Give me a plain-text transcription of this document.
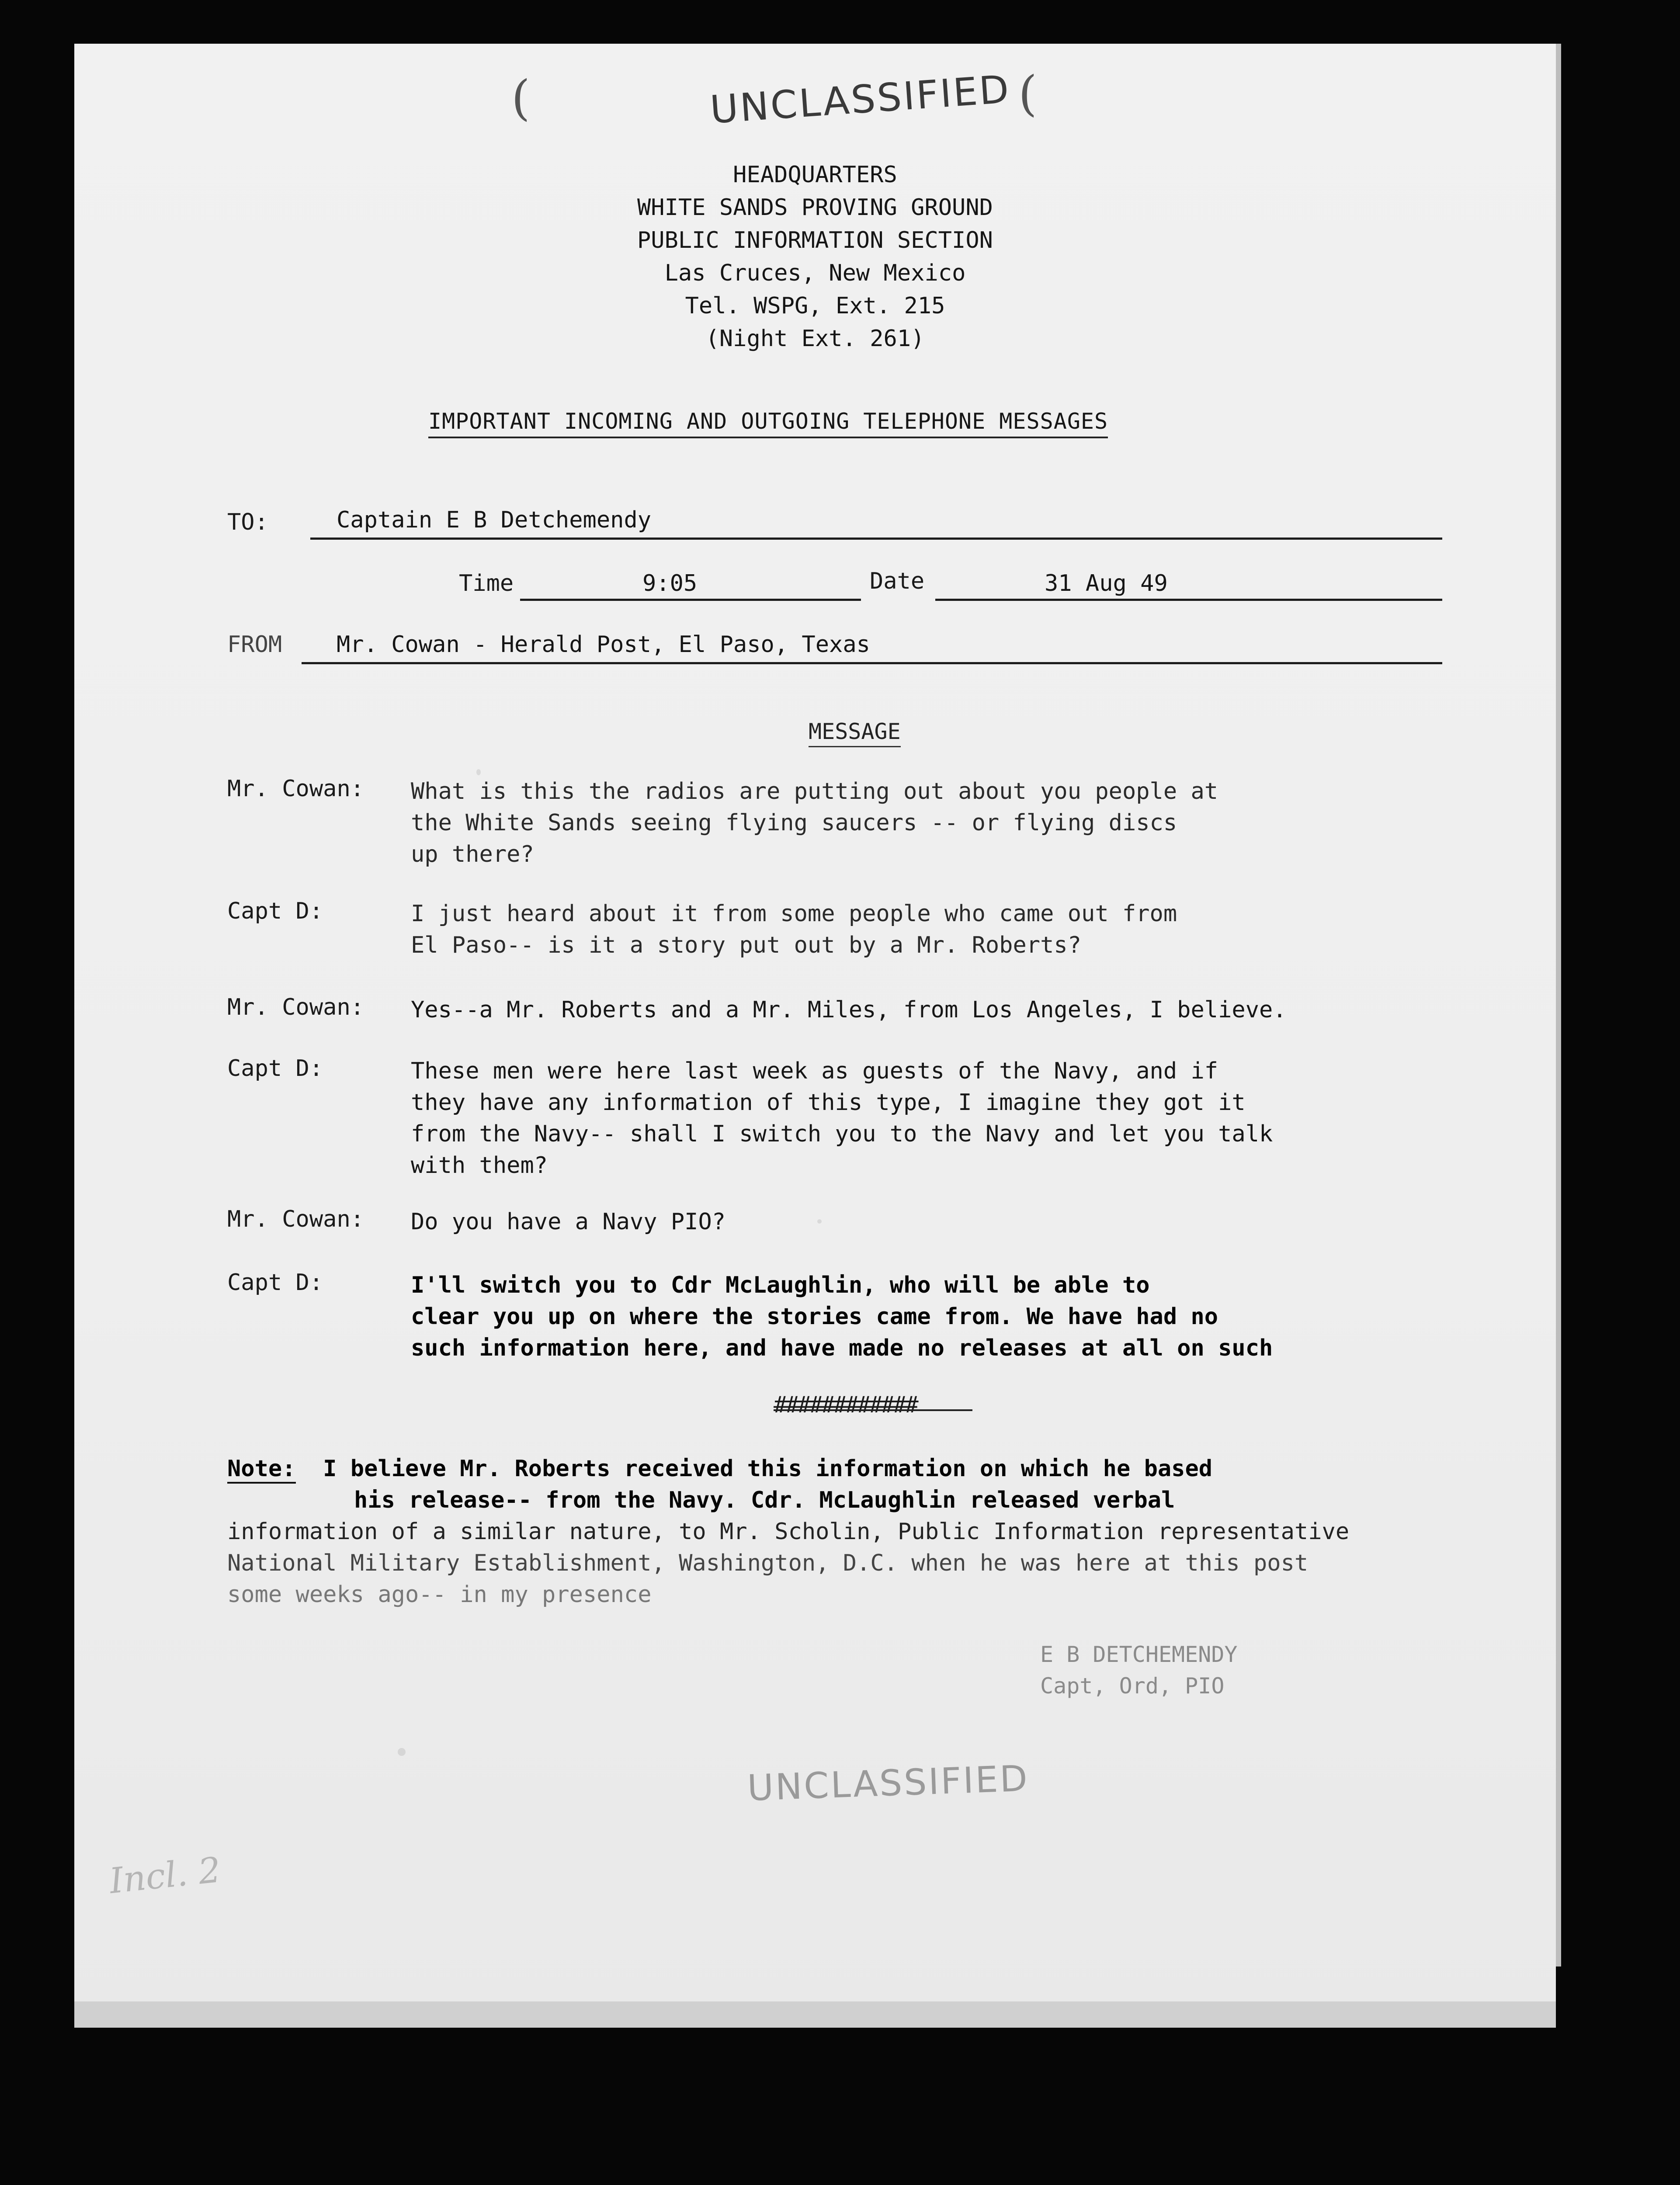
(	(
UNCLASSIFIED
HEADQUARTERS
WHITE SANDS PROVING GROUND
PUBLIC INFORMATION SECTION
Las Cruces, New Mexico
Tel. WSPG, Ext. 215
(Night Ext. 261)
IMPORTANT INCOMING AND OUTGOING TELEPHONE MESSAGES
TO:	Captain E B Detchemendy
Time	9:05	Date	31 Aug 49
FROM Mr. Cowan - Herald Post, El Paso, Texas
MESSAGE
Mr. Cowan: What is this the radios are putting out about you people at
the White Sands seeing flying saucers -- or flying discs
up there?
Capt D:	I just heard about it from some people who came out from
El Paso-- is it a story put out by a Mr. Roberts?
Mr. Cowan: Yes--a Mr. Roberts and a Mr. Miles, from Los Angeles, I believe.
Capt D:	These men were here last week as guests of the Navy, and if
they have any information of this type, I imagine they got it
from the Navy-- shall I switch you to the Navy and let you talk
with them?
Mr. Cowan: Do you have a Navy PIO?
Capt D:	I'll switch you to Cdr McLaughlin, who will be able to
clear you up on where the stories came from. We have had no
such information here, and have made no releases at all on such
############
Note: I believe Mr. Roberts received this information on which he based
his release-- from the Navy. Cdr. McLaughlin released verbal
information of a similar nature, to Mr. Scholin, Public Information representative
National Military Establishment, Washington, D.C. when he was here at this post
some weeks ago-- in my presence
E B DETCHEMENDY
Capt, Ord, PIO
UNCLASSIFIED
Incl. 2
